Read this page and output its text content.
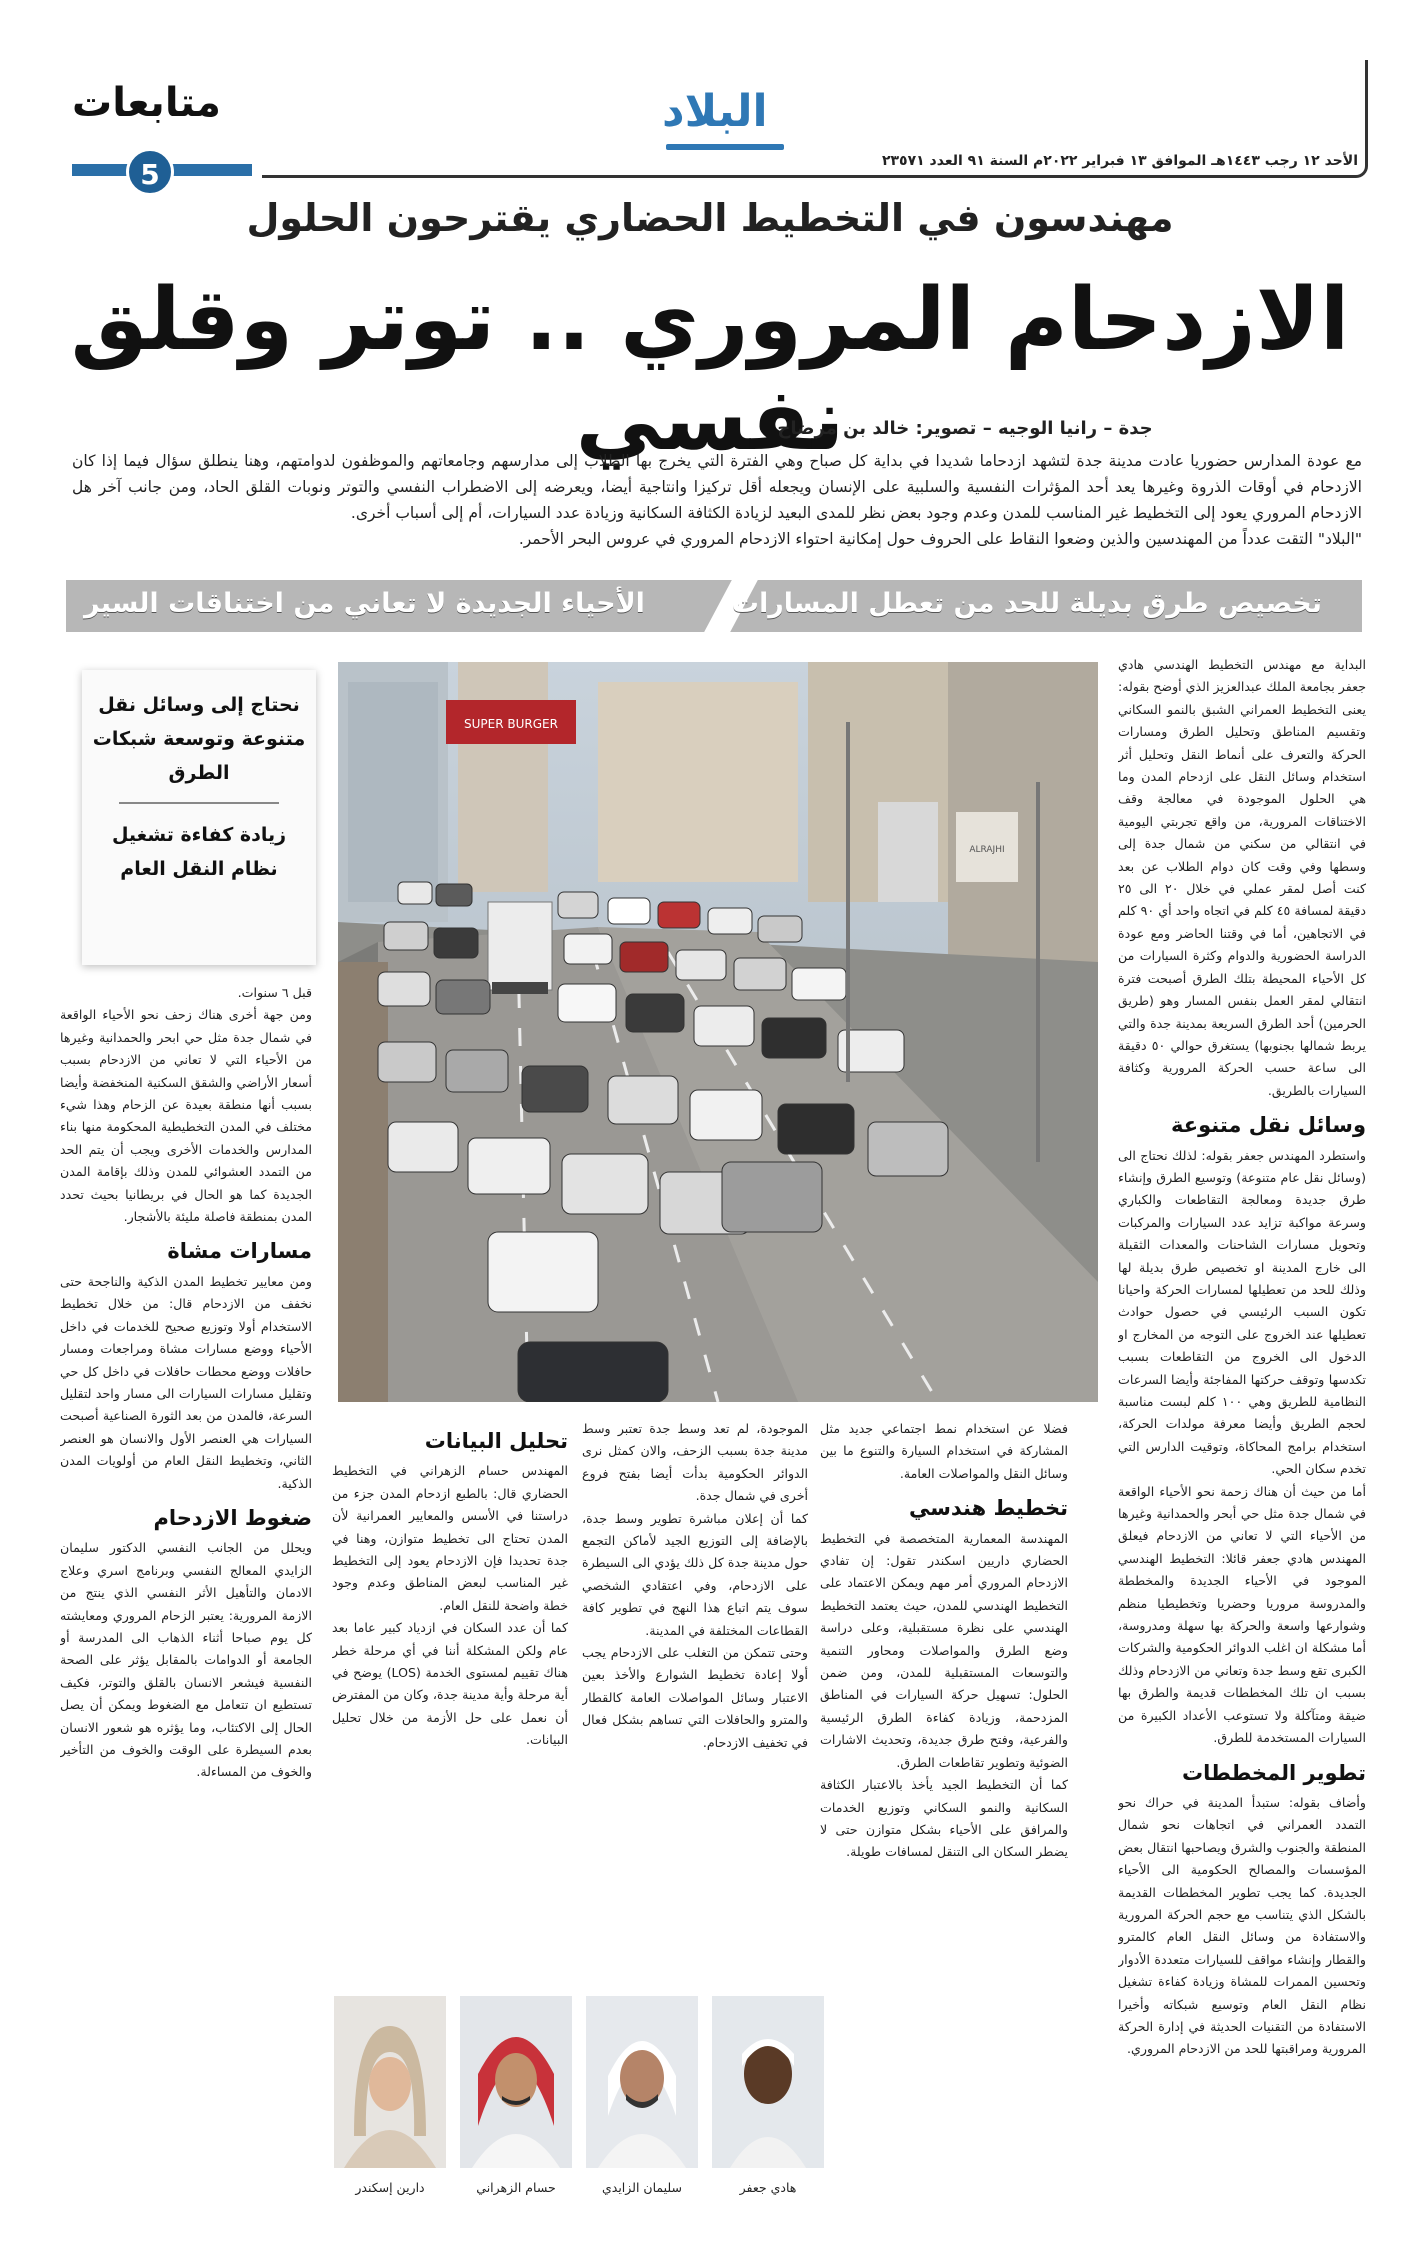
متابعات
5
البلاد
الأحد ١٢ رجب ١٤٤٣هـ الموافق ١٣ فبراير ٢٠٢٢م السنة ٩١ العدد ٢٣٥٧١
مهندسون في التخطيط الحضاري يقترحون الحلول
الازدحام المروري .. توتر وقلق نفسي
جدة – رانيا الوجيه – تصوير: خالد بن مرضاح

مع عودة المدارس حضوريا عادت مدينة جدة لتشهد ازدحاما شديدا في بداية كل صباح وهي الفترة التي يخرج بها الطلاب إلى مدارسهم وجامعاتهم والموظفون لدوامتهم، وهنا ينطلق سؤال فيما إذا كان الازدحام في أوقات الذروة وغيرها يعد أحد المؤثرات النفسية والسلبية على الإنسان ويجعله أقل تركيزا وانتاجية أيضا، ويعرضه إلى الاضطراب النفسي والتوتر ونوبات القلق الحاد، ومن جانب آخر هل الازدحام المروري يعود إلى التخطيط غير المناسب للمدن وعدم وجود بعض نظر للمدى البعيد لزيادة الكثافة السكانية وزيادة عدد السيارات، أم إلى أسباب أخرى.

"البلاد" التقت عدداً من المهندسين والذين وضعوا النقاط على الحروف حول إمكانية احتواء الازدحام المروري في عروس البحر الأحمر.

تخصيص طرق بديلة للحد من تعطل المسارات
الأحياء الجديدة لا تعاني من اختناقات السير
نحتاج إلى وسائل نقل متنوعة وتوسعة شبكات الطرق
زيادة كفاءة تشغيل نظام النقل العام
SUPER BURGER
ALRAJHI

البداية مع مهندس التخطيط الهندسي هادي جعفر بجامعة الملك عبدالعزيز الذي أوضح بقوله: يعنى التخطيط العمراني الشبق بالنمو السكاني وتقسيم المناطق وتحليل الطرق ومسارات الحركة والتعرف على أنماط النقل وتحليل أثر استخدام وسائل النقل على ازدحام المدن وما هي الحلول الموجودة في معالجة وقف الاختناقات المرورية، من واقع تجربتي اليومية في انتقالي من سكني من شمال جدة إلى وسطها وفي وقت كان دوام الطلاب عن بعد كنت أصل لمقر عملي في خلال ٢٠ الى ٢٥ دقيقة لمسافة ٤٥ كلم في اتجاه واحد أي ٩٠ كلم في الاتجاهين، أما في وقتنا الحاضر ومع عودة الدراسة الحضورية والدوام وكثرة السيارات من كل الأحياء المحيطة بتلك الطرق أصبحت فترة انتقالي لمقر العمل بنفس المسار وهو (طريق الحرمين) أحد الطرق السريعة بمدينة جدة والتي يربط شمالها بجنوبها) يستغرق حوالي ٥٠ دقيقة الى ساعة حسب الحركة المرورية وكثافة السيارات بالطريق.

وسائل نقل متنوعة

واستطرد المهندس جعفر بقوله: لذلك نحتاج الى (وسائل نقل عام متنوعة) وتوسيع الطرق وإنشاء طرق جديدة ومعالجة التقاطعات والكباري وسرعة مواكبة تزايد عدد السيارات والمركبات وتحويل مسارات الشاحنات والمعدات الثقيلة الى خارج المدينة او تخصيص طرق بديلة لها وذلك للحد من تعطيلها لمسارات الحركة واحيانا تكون السبب الرئيسي في حصول حوادث تعطيلها عند الخروج على التوجه من المخارج او الدخول الى الخروج من التقاطعات بسبب تكدسها وتوقف حركتها المفاجئة وأيضا السرعات النظامية للطريق وهي ١٠٠ كلم لبست مناسبة لحجم الطريق وأيضا معرفة مولدات الحركة، استخدام برامج المحاكاة، وتوقيت الدارس التي تخدم سكان الحي.

أما من حيث أن هناك زحمة نحو الأحياء الواقعة في شمال جدة مثل حي أبحر والحمدانية وغيرها من الأحياء التي لا تعاني من الازدحام فيعلق المهندس هادي جعفر قائلا: التخطيط الهندسي الموجود في الأحياء الجديدة والمخططة والمدروسة مروريا وحضريا وتخطيطيا منظم وشوارعها واسعة والحركة بها سهلة ومدروسة، أما مشكلة ان اغلب الدوائر الحكومية والشركات الكبرى تقع وسط جدة وتعاني من الازدحام وذلك بسبب ان تلك المخططات قديمة والطرق بها ضيقة ومتآكلة ولا تستوعب الأعداد الكبيرة من السيارات المستخدمة للطرق.

تطوير المخططات

وأضاف بقوله: ستبدأ المدينة في حراك نحو التمدد العمراني في اتجاهات نحو شمال المنطقة والجنوب والشرق ويصاحبها انتقال بعض المؤسسات والمصالح الحكومية الى الأحياء الجديدة. كما يجب تطوير المخططات القديمة بالشكل الذي يتناسب مع حجم الحركة المرورية والاستفادة من وسائل النقل العام كالمترو والقطار وإنشاء مواقف للسيارات متعددة الأدوار وتحسين الممرات للمشاة وزيادة كفاءة تشغيل نظام النقل العام وتوسيع شبكاته وأخيرا الاستفادة من التقنيات الحديثة في إدارة الحركة المرورية ومراقبتها للحد من الازدحام المروري.

قبل ٦ سنوات.

ومن جهة أخرى هناك زحف نحو الأحياء الواقعة في شمال جدة مثل حي ابحر والحمدانية وغيرها من الأحياء التي لا تعاني من الازدحام بسبب أسعار الأراضي والشقق السكنية المنخفضة وأيضا بسبب أنها منطقة بعيدة عن الزحام وهذا شيء مختلف في المدن التخطيطية المحكومة منها بناء المدارس والخدمات الأخرى ويجب أن يتم الحد من التمدد العشوائي للمدن وذلك بإقامة المدن الجديدة كما هو الحال في بريطانيا بحيث تحدد المدن بمنطقة فاصلة مليئة بالأشجار.

مسارات مشاة

ومن معايير تخطيط المدن الذكية والناجحة حتى نخفف من الازدحام قال: من خلال تخطيط الاستخدام أولا وتوزيع صحيح للخدمات في داخل الأحياء ووضع مسارات مشاة ومراجعات ومسار حافلات ووضع محطات حافلات في داخل كل حي وتقليل مسارات السيارات الى مسار واحد لتقليل السرعة، فالمدن من بعد الثورة الصناعية أصبحت السيارات هي العنصر الأول والانسان هو العنصر الثاني، وتخطيط النقل العام من أولويات المدن الذكية.

ضغوط الازدحام

ويحلل من الجانب النفسي الدكتور سليمان الزايدي المعالج النفسي وبرنامج اسري وعلاج الادمان والتأهيل الأثر النفسي الذي ينتج من الازمة المرورية: يعتبر الزحام المروري ومعايشته كل يوم صباحا أثناء الذهاب الى المدرسة أو الجامعة أو الدوامات بالمقابل يؤثر على الصحة النفسية فيشعر الانسان بالقلق والتوتر، فكيف تستطيع ان تتعامل مع الضغوط ويمكن أن يصل الحال إلى الاكتئاب، وما يؤثره هو شعور الانسان بعدم السيطرة على الوقت والخوف من التأخير والخوف من المساءلة.

فضلا عن استخدام نمط اجتماعي جديد مثل المشاركة في استخدام السيارة والتنوع ما بين وسائل النقل والمواصلات العامة.

تخطيط هندسي

المهندسة المعمارية المتخصصة في التخطيط الحضاري داريين اسكندر تقول: إن تفادي الازدحام المروري أمر مهم ويمكن الاعتماد على التخطيط الهندسي للمدن، حيث يعتمد التخطيط الهندسي على نظرة مستقبلية، وعلى دراسة وضع الطرق والمواصلات ومحاور التنمية والتوسعات المستقبلية للمدن، ومن ضمن الحلول: تسهيل حركة السيارات في المناطق المزدحمة، وزيادة كفاءة الطرق الرئيسية والفرعية، وفتح طرق جديدة، وتحديث الاشارات الضوئية وتطوير تقاطعات الطرق.

كما أن التخطيط الجيد يأخذ بالاعتبار الكثافة السكانية والنمو السكاني وتوزيع الخدمات والمرافق على الأحياء بشكل متوازن حتى لا يضطر السكان الى التنقل لمسافات طويلة.

الموجودة، لم تعد وسط جدة تعتبر وسط مدينة جدة بسبب الزحف، والان كمثل نرى الدوائر الحكومية بدأت أيضا بفتح فروع أخرى في شمال جدة.

كما أن إعلان مباشرة تطوير وسط جدة، بالإضافة إلى التوزيع الجيد لأماكن التجمع حول مدينة جدة كل ذلك يؤدي الى السيطرة على الازدحام، وفي اعتقادي الشخصي سوف يتم اتباع هذا النهج في تطوير كافة القطاعات المختلفة في المدينة.

وحتى تتمكن من التغلب على الازدحام يجب أولا إعادة تخطيط الشوارع والأخذ بعين الاعتبار وسائل المواصلات العامة كالقطار والمترو والحافلات التي تساهم بشكل فعال في تخفيف الازدحام.

تحليل البيانات

المهندس حسام الزهراني في التخطيط الحضاري قال: بالطبع ازدحام المدن جزء من دراستنا في الأسس والمعايير العمرانية لأن المدن تحتاج الى تخطيط متوازن، وهنا في جدة تحديدا فإن الازدحام يعود إلى التخطيط غير المناسب لبعض المناطق وعدم وجود خطة واضحة للنقل العام.

كما أن عدد السكان في ازدياد كبير عاما بعد عام ولكن المشكلة أننا في أي مرحلة خطر هناك تقييم لمستوى الخدمة (LOS) يوضح في أية مرحلة وأية مدينة جدة، وكان من المفترض أن نعمل على حل الأزمة من خلال تحليل البيانات.

هادي جعفر
سليمان الزايدي
حسام الزهراني
دارين إسكندر
